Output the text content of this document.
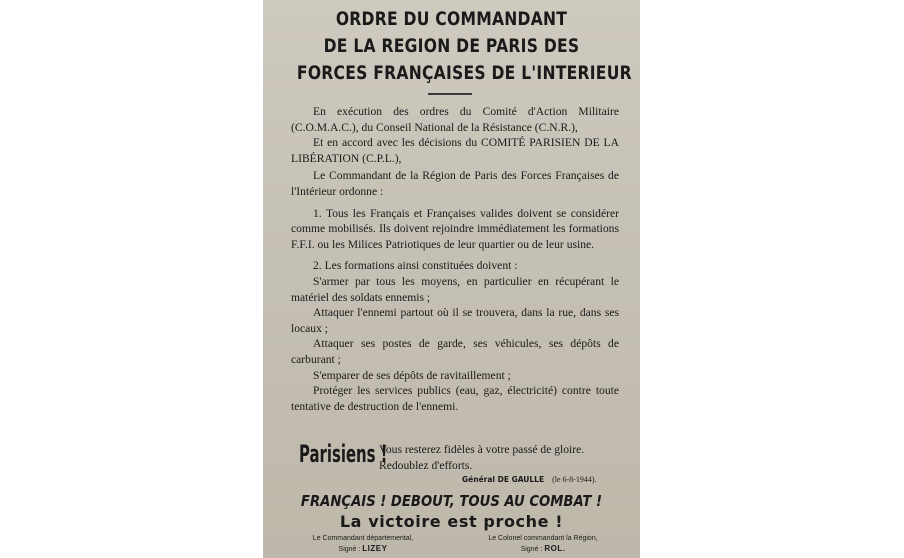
ORDRE DU COMMANDANT
DE LA REGION DE PARIS DES
FORCES FRANÇAISES DE L'INTERIEUR

En exécution des ordres du Comité d'Action Militaire (C.O.M.A.C.), du Conseil National de la Résistance (C.N.R.),

Et en accord avec les décisions du COMITÉ PARISIEN DE LA LIBÉRATION (C.P.L.),

Le Commandant de la Région de Paris des Forces Françaises de l'Intérieur ordonne :

1. Tous les Français et Françaises valides doivent se considérer comme mobilisés. Ils doivent rejoindre immédiatement les formations F.F.I. ou les Milices Patriotiques de leur quartier ou de leur usine.

2. Les formations ainsi constituées doivent :

S'armer par tous les moyens, en particulier en récupérant le matériel des soldats ennemis ;

Attaquer l'ennemi partout où il se trouvera, dans la rue, dans ses locaux ;

Attaquer ses postes de garde, ses véhicules, ses dépôts de carburant ;

S'emparer de ses dépôts de ravitaillement ;

Protéger les services publics (eau, gaz, électricité) contre toute tentative de destruction de l'ennemi.

Parisiens !
Vous resterez fidèles à votre passé de gloire.
Redoublez d'efforts.
Général DE GAULLE (le 6-8-1944).
FRANÇAIS ! DEBOUT, TOUS AU COMBAT !
La victoire est proche !
Le Commandant départemental,
Signé : LIZEY
Le Colonel commandant la Région,
Signé : ROL.
